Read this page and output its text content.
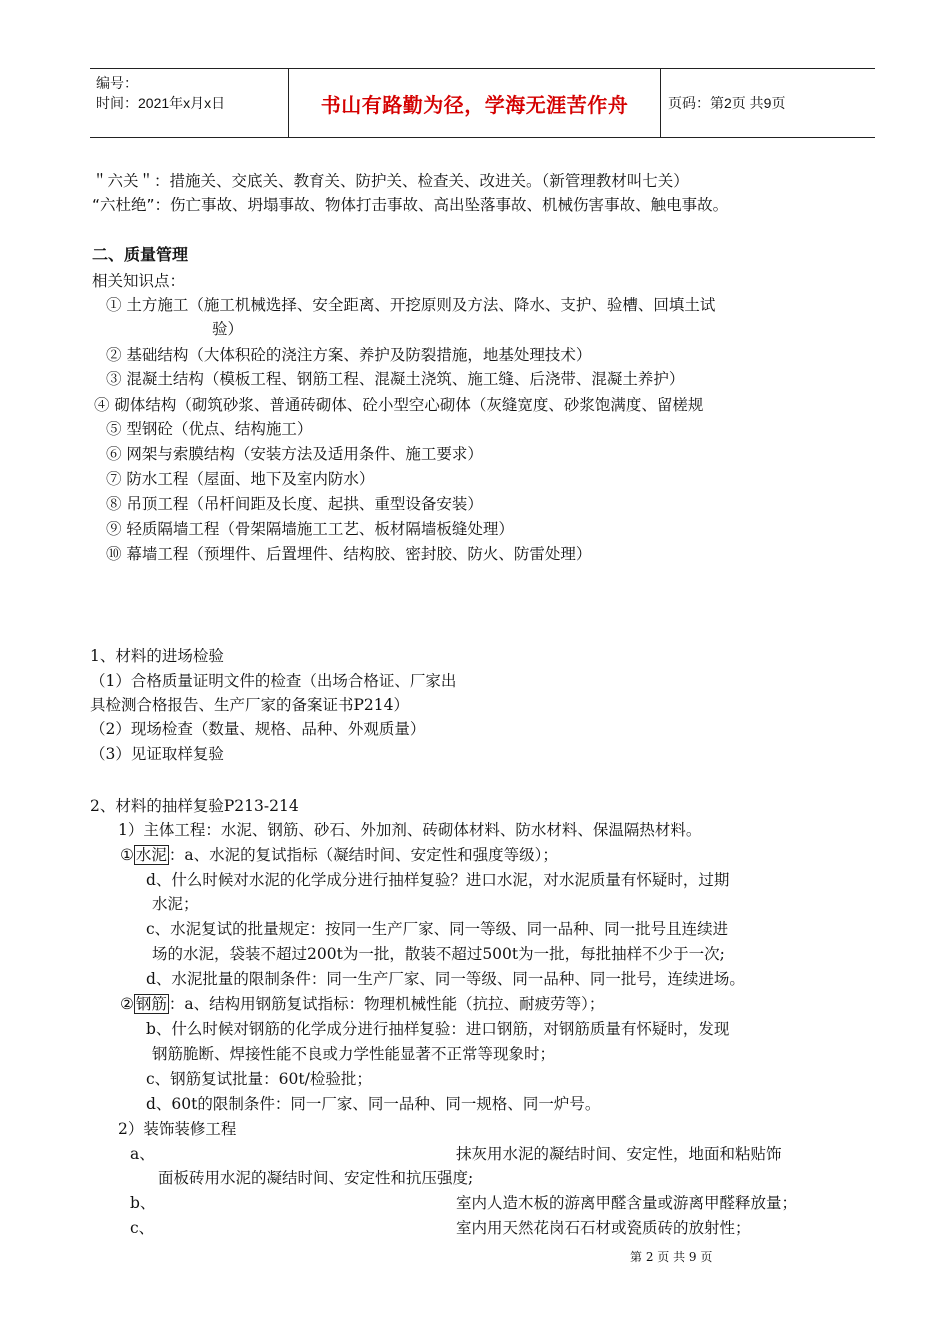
编号：
时间：2021年x月x日	书山有路勤为径，学海无涯苦作舟	页码：第2页 共9页
＂六关＂：措施关、交底关、教育关、防护关、检查关、改进关。（新管理教材叫七关）
“六杜绝”：伤亡事故、坍塌事故、物体打击事故、高出坠落事故、机械伤害事故、触电事故。
二、质量管理
相关知识点：
① 土方施工（施工机械选择、安全距离、开挖原则及方法、降水、支护、验槽、回填土试
验）
② 基础结构（大体积砼的浇注方案、养护及防裂措施，地基处理技术）
③ 混凝土结构（模板工程、钢筋工程、混凝土浇筑、施工缝、后浇带、混凝土养护）
④ 砌体结构（砌筑砂浆、普通砖砌体、砼小型空心砌体（灰缝宽度、砂浆饱满度、留槎规
⑤ 型钢砼（优点、结构施工）
⑥ 网架与索膜结构（安装方法及适用条件、施工要求）
⑦ 防水工程（屋面、地下及室内防水）
⑧ 吊顶工程（吊杆间距及长度、起拱、重型设备安装）
⑨ 轻质隔墙工程（骨架隔墙施工工艺、板材隔墙板缝处理）
⑩ 幕墙工程（预埋件、后置埋件、结构胶、密封胶、防火、防雷处理）
1、材料的进场检验
（1）合格质量证明文件的检查（出场合格证、厂家出
具检测合格报告、生产厂家的备案证书P214）
（2）现场检查（数量、规格、品种、外观质量）
（3）见证取样复验
2、材料的抽样复验P213-214
1）主体工程：水泥、钢筋、砂石、外加剂、砖砌体材料、防水材料、保温隔热材料。
① 水泥 ：a、水泥的复试指标（凝结时间、安定性和强度等级）；
d、什么时候对水泥的化学成分进行抽样复验？进口水泥，对水泥质量有怀疑时，过期
水泥；
c、水泥复试的批量规定：按同一生产厂家、同一等级、同一品种、同一批号且连续进
场的水泥，袋装不超过200t为一批，散装不超过500t为一批，每批抽样不少于一次;
d、水泥批量的限制条件：同一生产厂家、同一等级、同一品种、同一批号，连续进场。
② 钢筋 ：a、结构用钢筋复试指标：物理机械性能（抗拉、耐疲劳等）；
b、什么时候对钢筋的化学成分进行抽样复验：进口钢筋，对钢筋质量有怀疑时，发现
钢筋脆断、焊接性能不良或力学性能显著不正常等现象时；
c、钢筋复试批量：60t/检验批；
d、60t的限制条件：同一厂家、同一品种、同一规格、同一炉号。
2）装饰装修工程
a、	抹灰用水泥的凝结时间、安定性，地面和粘贴饰
面板砖用水泥的凝结时间、安定性和抗压强度;
b、	室内人造木板的游离甲醛含量或游离甲醛释放量；
c、	室内用天然花岗石石材或瓷质砖的放射性；
第 2 页 共 9 页
